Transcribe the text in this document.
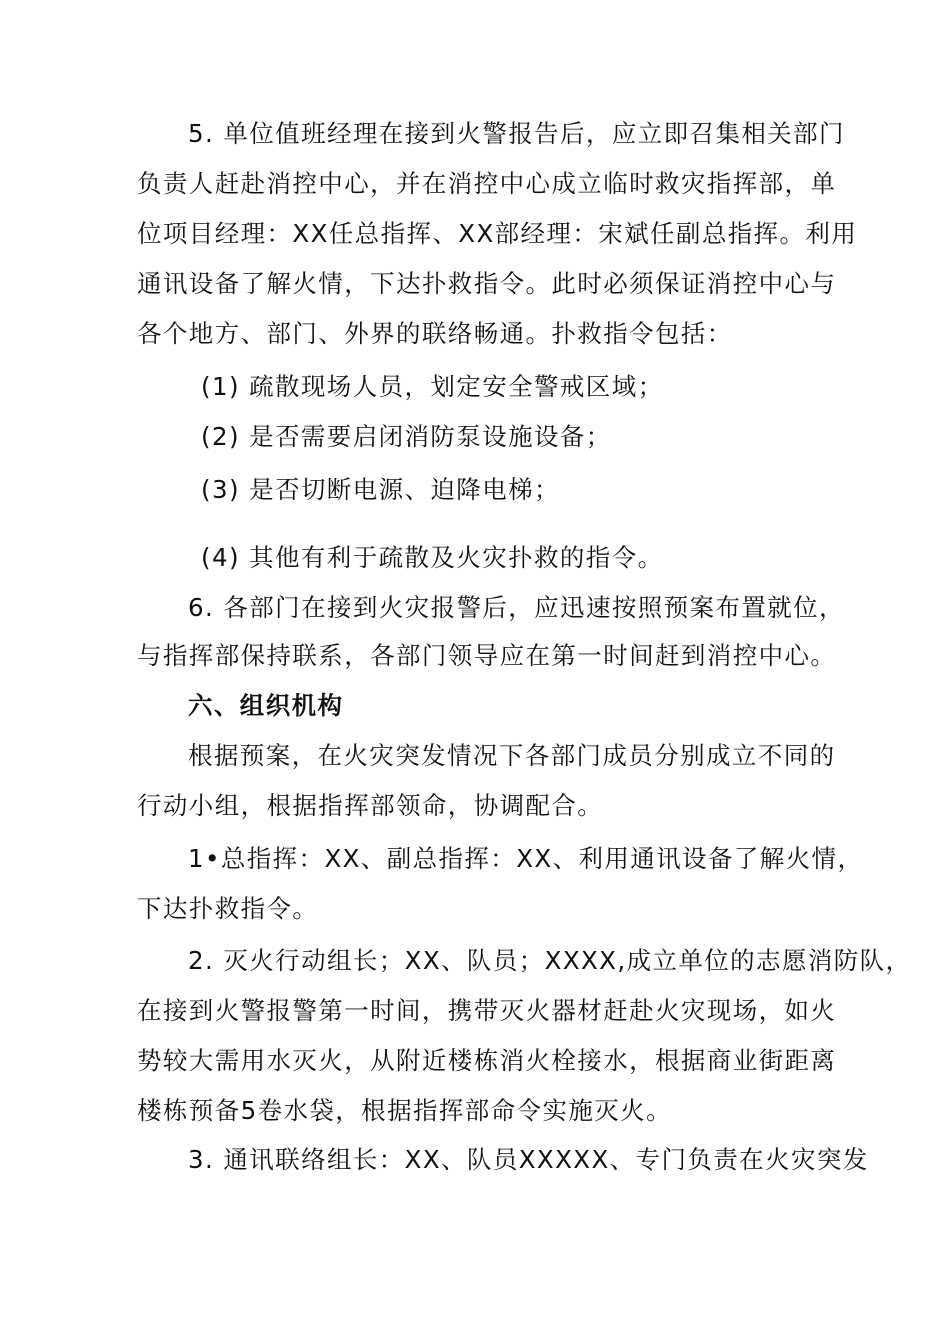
5. 单位值班经理在接到火警报告后，应立即召集相关部门
负责人赶赴消控中心，并在消控中心成立临时救灾指挥部，单
位项目经理：XX任总指挥、XX部经理：宋斌任副总指挥。利用
通讯设备了解火情，下达扑救指令。此时必须保证消控中心与
各个地方、部门、外界的联络畅通。扑救指令包括：
(1) 疏散现场人员，划定安全警戒区域；
(2) 是否需要启闭消防泵设施设备；
(3) 是否切断电源、迫降电梯；
(4) 其他有利于疏散及火灾扑救的指令。
6. 各部门在接到火灾报警后，应迅速按照预案布置就位，
与指挥部保持联系，各部门领导应在第一时间赶到消控中心。
六、组织机构
根据预案，在火灾突发情况下各部门成员分别成立不同的
行动小组，根据指挥部领命，协调配合。
1•总指挥：XX、副总指挥：XX、利用通讯设备了解火情，
下达扑救指令。
2. 灭火行动组长；XX、队员；XXXX,成立单位的志愿消防队，
在接到火警报警第一时间，携带灭火器材赶赴火灾现场，如火
势较大需用水灭火，从附近楼栋消火栓接水，根据商业街距离
楼栋预备5卷水袋，根据指挥部命令实施灭火。
3. 通讯联络组长：XX、队员XXXXX、专门负责在火灾突发
